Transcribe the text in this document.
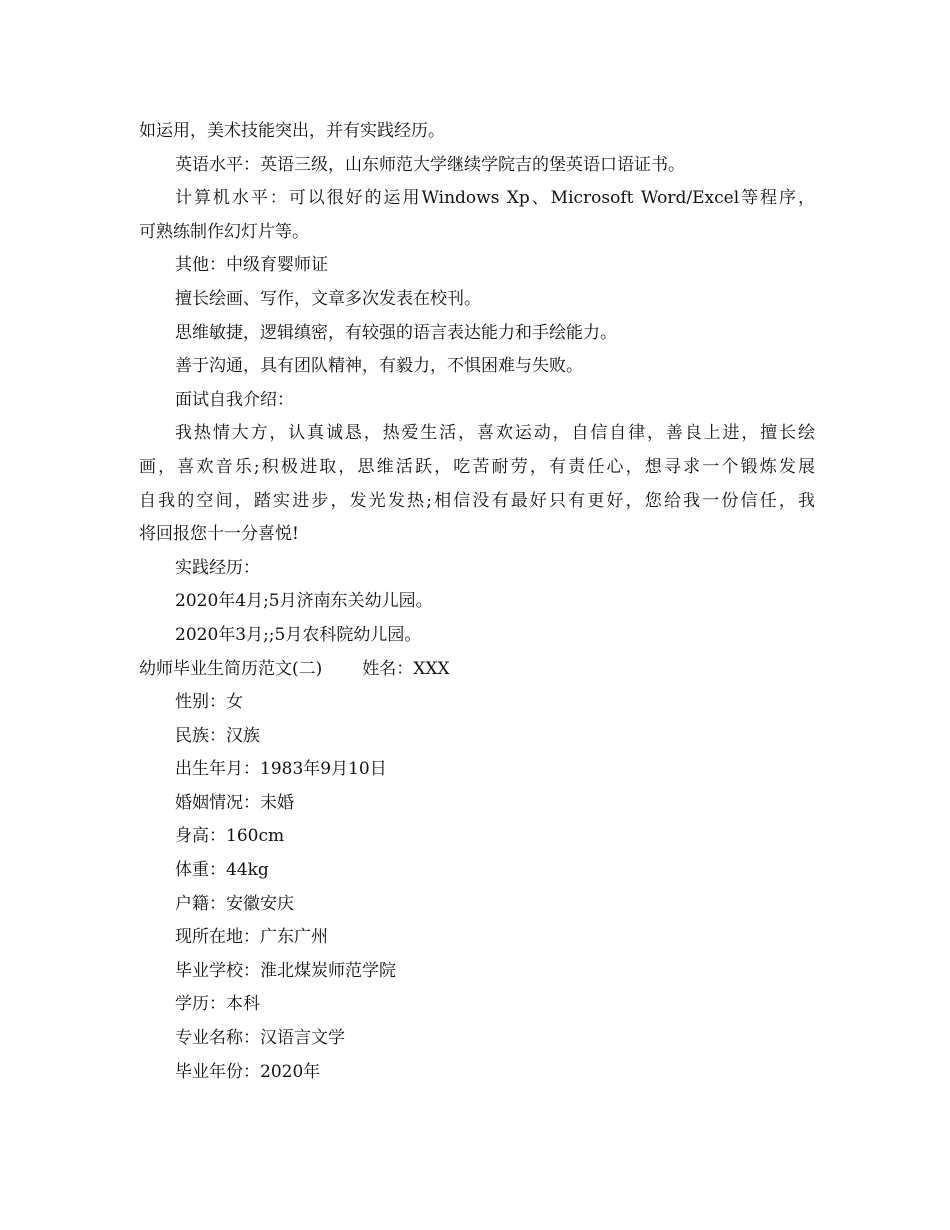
如运用，美术技能突出，并有实践经历。
英语水平：英语三级，山东师范大学继续学院吉的堡英语口语证书。
计算机水平：可以很好的运用Windows Xp、Microsoft Word/Excel等程序，
可熟练制作幻灯片等。
其他：中级育婴师证
擅长绘画、写作，文章多次发表在校刊。
思维敏捷，逻辑缜密，有较强的语言表达能力和手绘能力。
善于沟通，具有团队精神，有毅力，不惧困难与失败。
面试自我介绍：
我热情大方，认真诚恳，热爱生活，喜欢运动，自信自律，善良上进，擅长绘
画，喜欢音乐;积极进取，思维活跃，吃苦耐劳，有责任心，想寻求一个锻炼发展
自我的空间，踏实进步，发光发热;相信没有最好只有更好，您给我一份信任，我
将回报您十一分喜悦!
实践经历：
2020年4月;5月济南东关幼儿园。
2020年3月;;5月农科院幼儿园。
幼师毕业生简历范文(二) 姓名：XXX
性别：女
民族：汉族
出生年月：1983年9月10日
婚姻情况：未婚
身高：160cm
体重：44kg
户籍：安徽安庆
现所在地：广东广州
毕业学校：淮北煤炭师范学院
学历：本科
专业名称：汉语言文学
毕业年份：2020年
